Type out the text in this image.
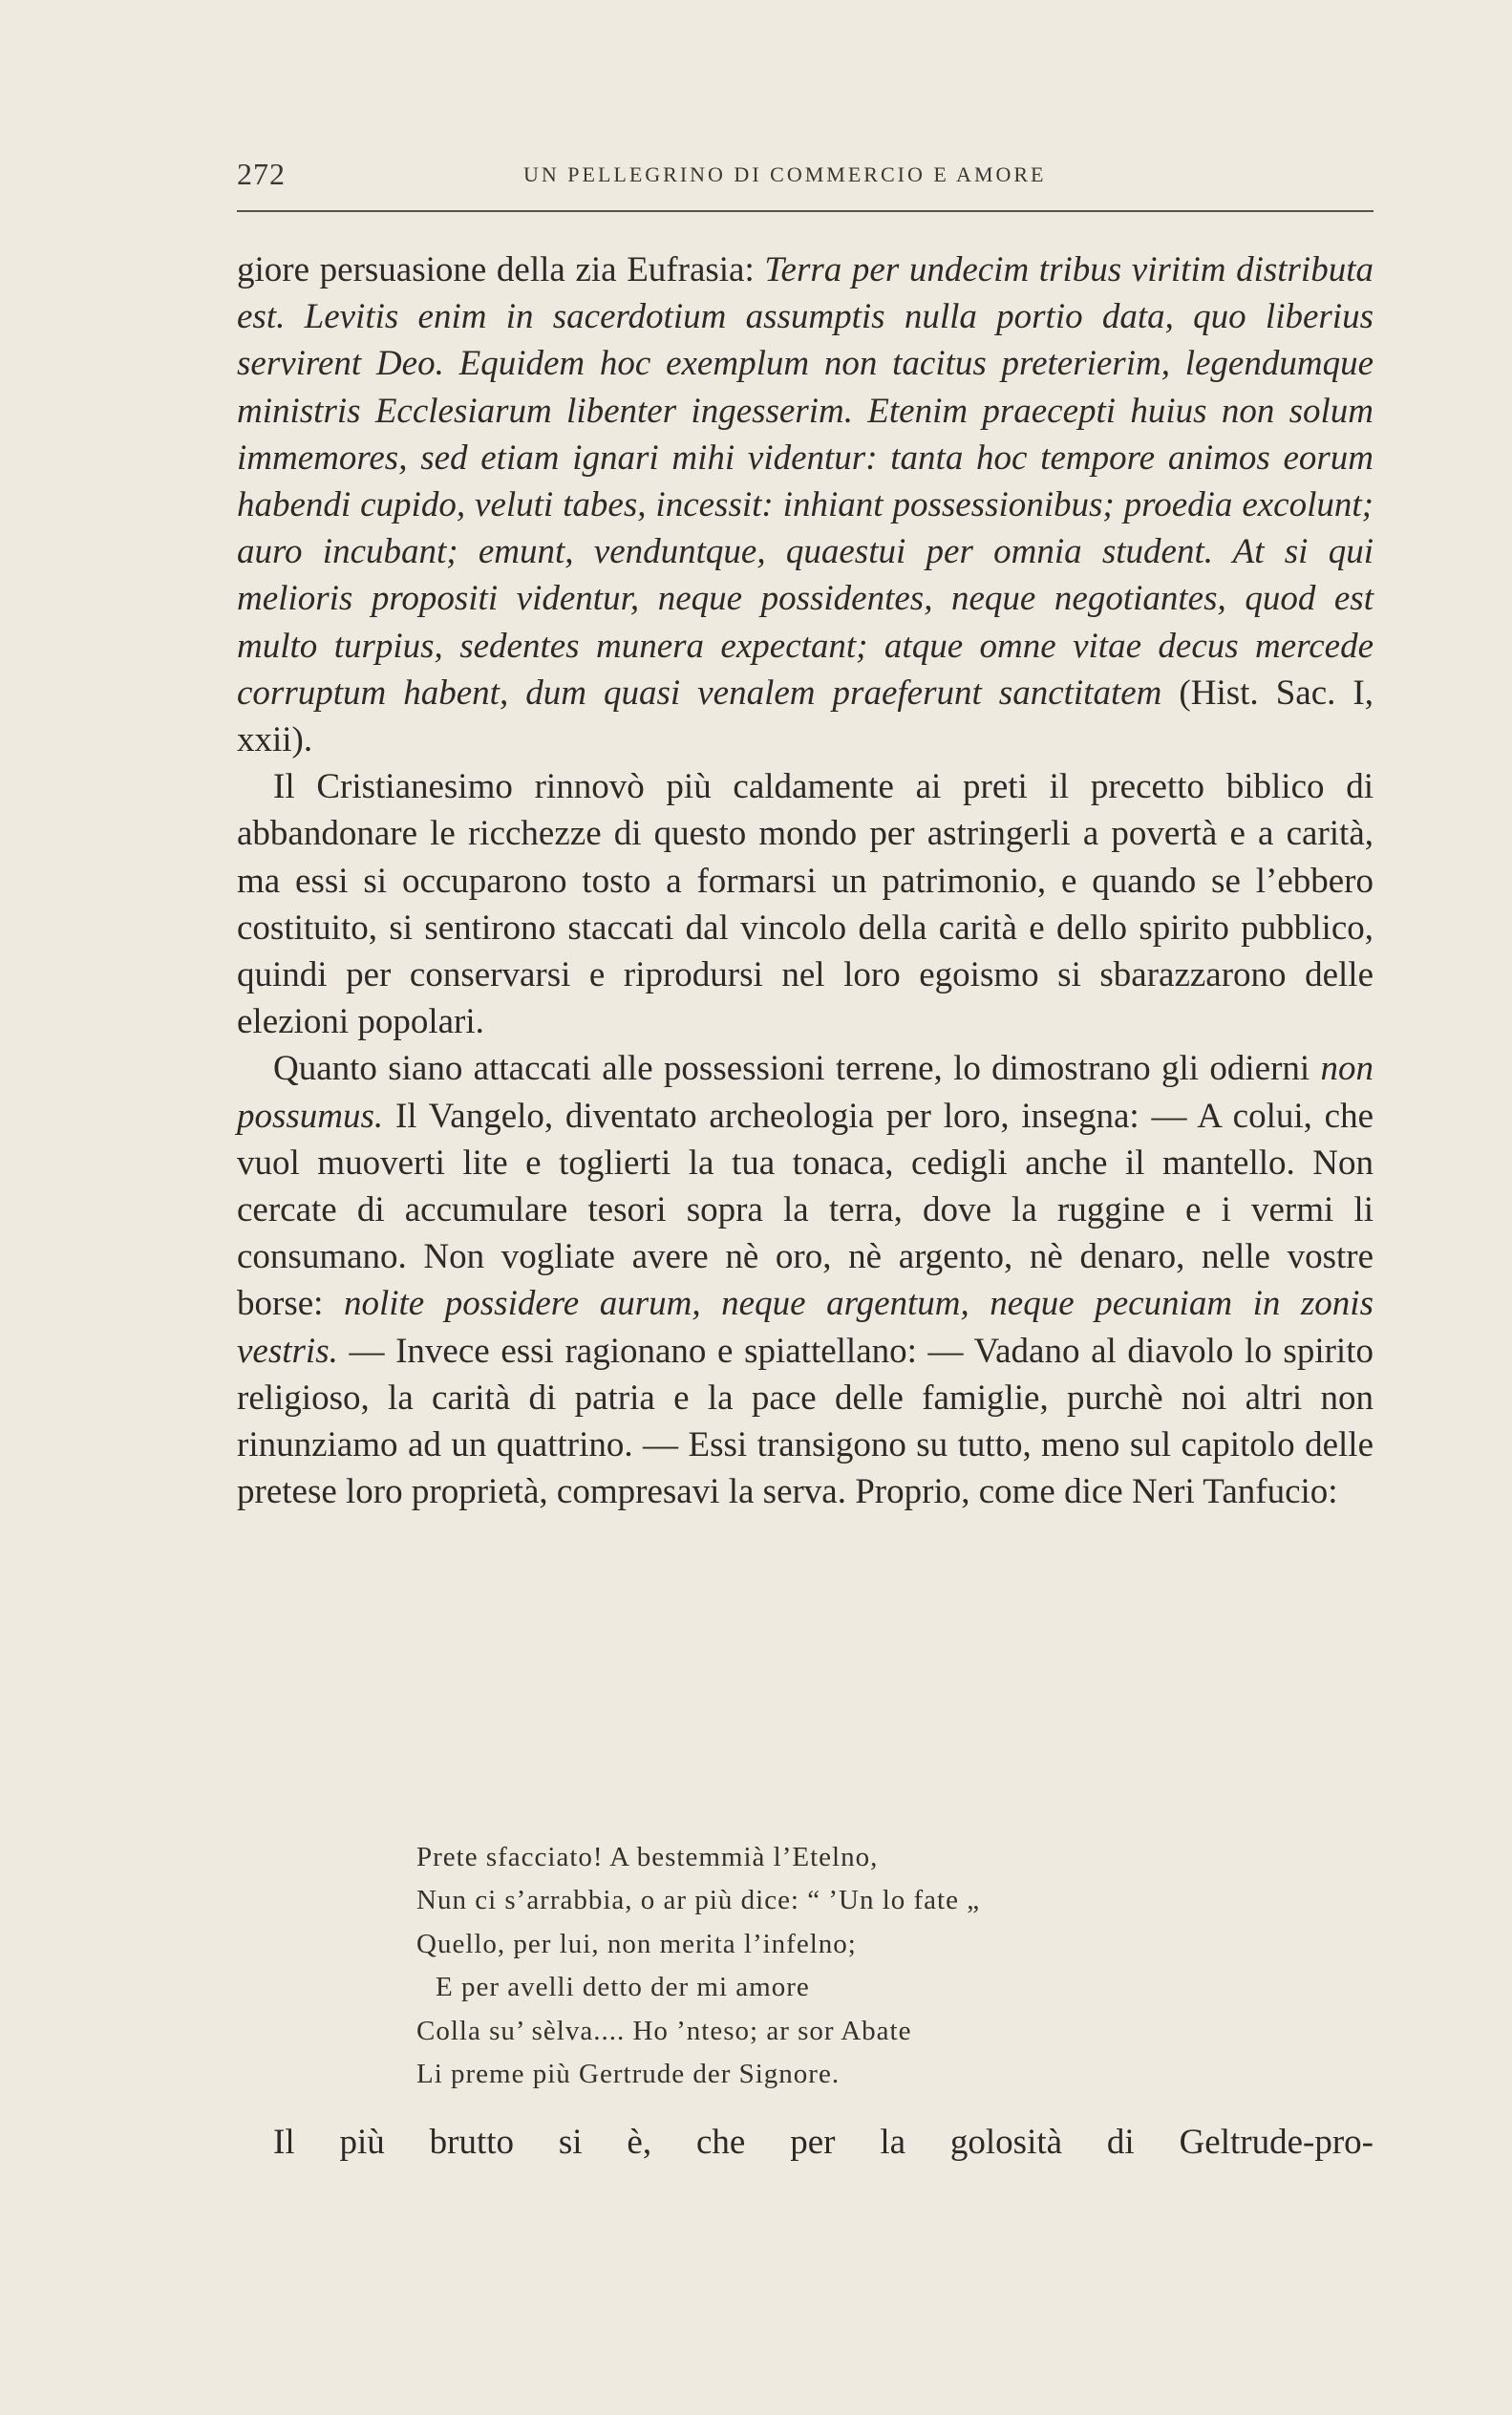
272	UN PELLEGRINO DI COMMERCIO E AMORE

giore persuasione della zia Eufrasia: Terra per undecim tribus viritim distributa est. Levitis enim in sacerdotium assumptis nulla portio data, quo liberius servirent Deo. Equidem hoc exemplum non tacitus preterierim, legendumque ministris Ecclesiarum libenter ingesserim. Etenim praecepti huius non solum immemores, sed etiam ignari mihi videntur: tanta hoc tempore animos eorum habendi cupido, veluti tabes, incessit: inhiant possessionibus; proedia excolunt; auro incubant; emunt, venduntque, quaestui per omnia student. At si qui melioris propositi videntur, neque possidentes, neque negotiantes, quod est multo turpius, sedentes munera expectant; atque omne vitae decus mercede corruptum habent, dum quasi venalem praeferunt sanctitatem (Hist. Sac. I, xxii).

Il Cristianesimo rinnovò più caldamente ai preti il precetto biblico di abbandonare le ricchezze di questo mondo per astringerli a povertà e a carità, ma essi si occuparono tosto a formarsi un patrimonio, e quando se l’ebbero costituito, si sentirono staccati dal vincolo della carità e dello spirito pubblico, quindi per conservarsi e riprodursi nel loro egoismo si sbarazzarono delle elezioni popolari.

Quanto siano attaccati alle possessioni terrene, lo dimostrano gli odierni non possumus. Il Vangelo, diventato archeologia per loro, insegna: — A colui, che vuol muoverti lite e toglierti la tua tonaca, cedigli anche il mantello. Non cercate di accumulare tesori sopra la terra, dove la ruggine e i vermi li consumano. Non vogliate avere nè oro, nè argento, nè denaro, nelle vostre borse: nolite possidere aurum, neque argentum, neque pecuniam in zonis vestris. — Invece essi ragionano e spiattellano: — Vadano al diavolo lo spirito religioso, la carità di patria e la pace delle famiglie, purchè noi altri non rinunziamo ad un quattrino. — Essi transigono su tutto, meno sul capitolo delle pretese loro proprietà, compresavi la serva. Proprio, come dice Neri Tanfucio:

Prete sfacciato! A bestemmià l’Etelno,
Nun ci s’arrabbia, o ar più dice: “ ’Un lo fate „
Quello, per lui, non merita l’infelno;
E per avelli detto der mi amore
Colla su’ sèlva.... Ho ’nteso; ar sor Abate
Li preme più Gertrude der Signore.
Il più brutto si è, che per la golosità di Geltrude-pro-
